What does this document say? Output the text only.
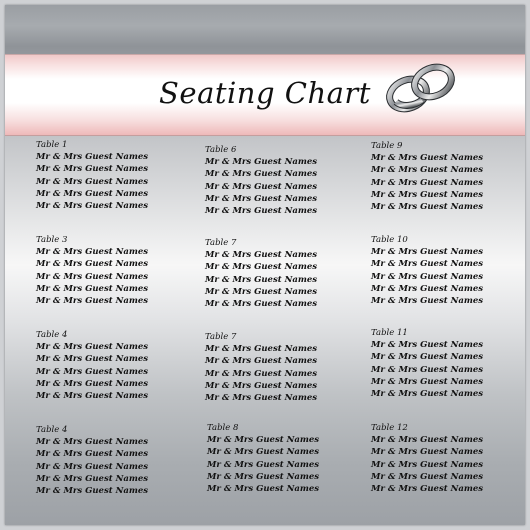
Seating Chart
Table 1
Mr & Mrs Guest Names
Mr & Mrs Guest Names
Mr & Mrs Guest Names
Mr & Mrs Guest Names
Mr & Mrs Guest Names
Table 6
Mr & Mrs Guest Names
Mr & Mrs Guest Names
Mr & Mrs Guest Names
Mr & Mrs Guest Names
Mr & Mrs Guest Names
Table 9
Mr & Mrs Guest Names
Mr & Mrs Guest Names
Mr & Mrs Guest Names
Mr & Mrs Guest Names
Mr & Mrs Guest Names
Table 3
Mr & Mrs Guest Names
Mr & Mrs Guest Names
Mr & Mrs Guest Names
Mr & Mrs Guest Names
Mr & Mrs Guest Names
Table 7
Mr & Mrs Guest Names
Mr & Mrs Guest Names
Mr & Mrs Guest Names
Mr & Mrs Guest Names
Mr & Mrs Guest Names
Table 10
Mr & Mrs Guest Names
Mr & Mrs Guest Names
Mr & Mrs Guest Names
Mr & Mrs Guest Names
Mr & Mrs Guest Names
Table 4
Mr & Mrs Guest Names
Mr & Mrs Guest Names
Mr & Mrs Guest Names
Mr & Mrs Guest Names
Mr & Mrs Guest Names
Table 7
Mr & Mrs Guest Names
Mr & Mrs Guest Names
Mr & Mrs Guest Names
Mr & Mrs Guest Names
Mr & Mrs Guest Names
Table 11
Mr & Mrs Guest Names
Mr & Mrs Guest Names
Mr & Mrs Guest Names
Mr & Mrs Guest Names
Mr & Mrs Guest Names
Table 4
Mr & Mrs Guest Names
Mr & Mrs Guest Names
Mr & Mrs Guest Names
Mr & Mrs Guest Names
Mr & Mrs Guest Names
Table 8
Mr & Mrs Guest Names
Mr & Mrs Guest Names
Mr & Mrs Guest Names
Mr & Mrs Guest Names
Mr & Mrs Guest Names
Table 12
Mr & Mrs Guest Names
Mr & Mrs Guest Names
Mr & Mrs Guest Names
Mr & Mrs Guest Names
Mr & Mrs Guest Names
